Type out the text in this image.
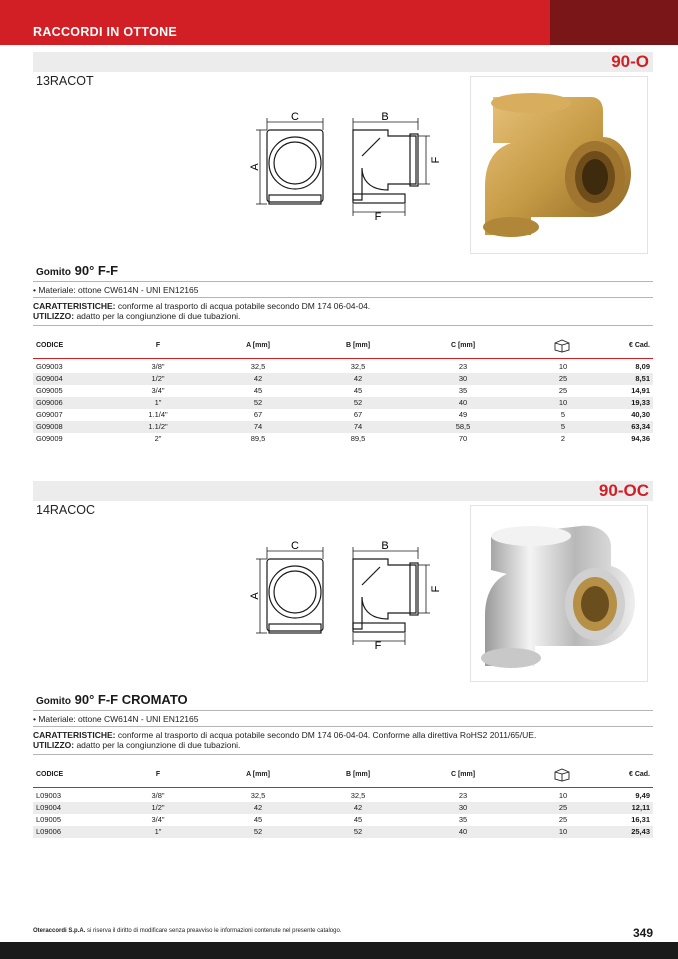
RACCORDI IN OTTONE
90-O
13RACOT
C	B
A
F
F
Gomito 90° F-F
• Materiale: ottone CW614N - UNI EN12165
CARATTERISTICHE: conforme al trasporto di acqua potabile secondo DM 174 06-04-04.
UTILIZZO: adatto per la congiunzione di due tubazioni.
CODICE	F	A [mm]	B [mm]	C [mm]	€ Cad.
G09003	3/8"	32,5	32,5	23	10	8,09
G09004	1/2"	42	42	30	25	8,51
G09005	3/4"	45	45	35	25	14,91
G09006	1"	52	52	40	10	19,33
G09007	1.1/4"	67	67	49	5	40,30
G09008	1.1/2"	74	74	58,5	5	63,34
G09009	2"	89,5	89,5	70	2	94,36
90-OC
14RACOC
C	B
A
F
F
Gomito 90° F-F CROMATO
• Materiale: ottone CW614N - UNI EN12165
CARATTERISTICHE: conforme al trasporto di acqua potabile secondo DM 174 06-04-04. Conforme alla direttiva RoHS2 2011/65/UE.
UTILIZZO: adatto per la congiunzione di due tubazioni.
CODICE	F	A [mm]	B [mm]	C [mm]	€ Cad.
L09003	3/8"	32,5	32,5	23	10	9,49
L09004	1/2"	42	42	30	25	12,11
L09005	3/4"	45	45	35	25	16,31
L09006	1"	52	52	40	10	25,43
Oteraccordi S.p.A. si riserva il diritto di modificare senza preavviso le informazioni contenute nel presente catalogo.	349
